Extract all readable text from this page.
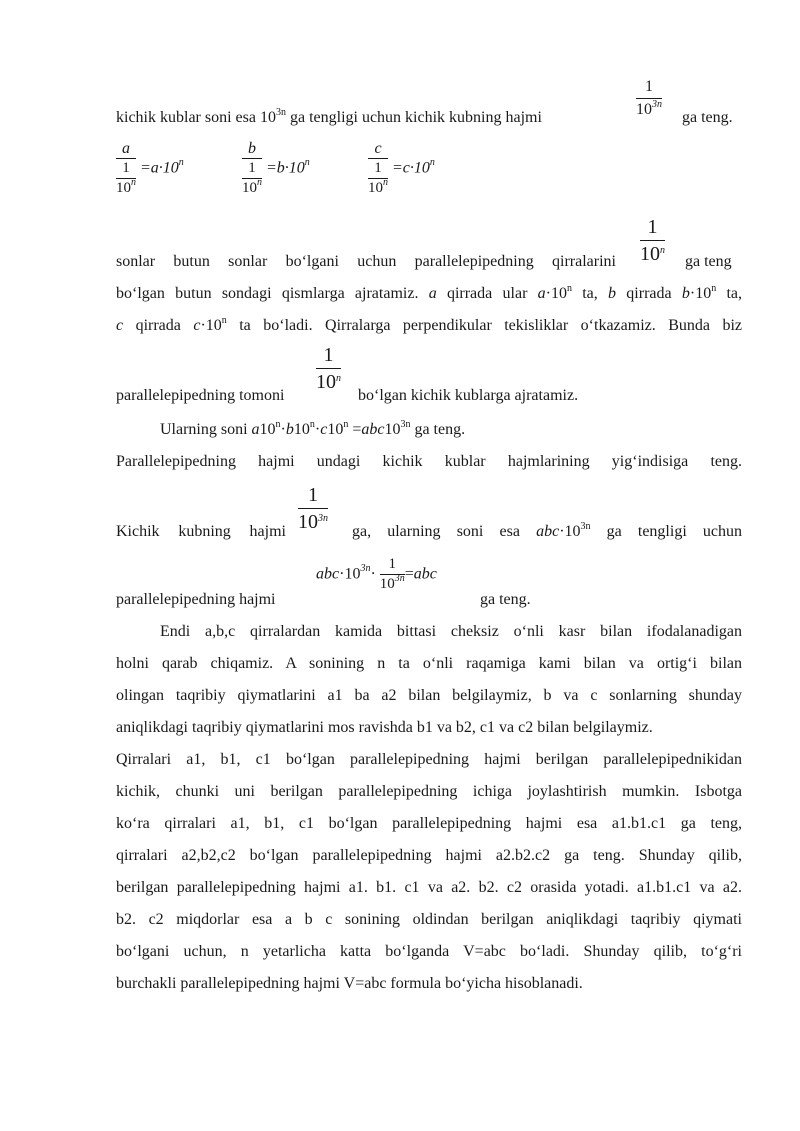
1
$10^{3n}$
kichik kublar soni esa $10^{3n}$ ga tengligi uchun kichik kubning hajmi	ga teng.
a
1
$10^n =a\cdot 10^n$	b
1
$10^n =b\cdot 10^n$	c
1
$10^n =c\cdot 10^n$
1
10$^n$
sonlar butun sonlar bo‘lgani uchun parallelepipedning qirralarini	ga teng
bo‘lgan butun sondagi qismlarga ajratamiz. a qirrada ular $a\cdot 10^n$ ta, b qirrada $b\cdot 10^n$ ta,
c qirrada $c\cdot 10^n$ ta bo‘ladi. Qirralarga perpendikular tekisliklar o‘tkazamiz. Bunda biz
1
10$^n$
parallelepipedning tomoni	bo‘lgan kichik kublarga ajratamiz.
Ularning soni $a10^n\cdot b10^n\cdot c10^n =abc10^{3n}$ ga teng.
Parallelepipedning hajmi undagi kichik kublar hajmlarining yig‘indisiga teng.
1
$10^{3n}$
Kichik kubning hajmi	ga, ularning soni esa $abc\cdot 10^{3n}$ ga tengligi uchun
$abc\cdot 10^{3n}\cdot \frac{1}{10^{3n}} =abc$
parallelepipedning hajmi	ga teng.
Endi a,b,c qirralardan kamida bittasi cheksiz o‘nli kasr bilan ifodalanadigan
holni qarab chiqamiz. A sonining n ta o‘nli raqamiga kami bilan va ortig‘i bilan
olingan taqribiy qiymatlarini a1 ba a2 bilan belgilaymiz, b va c sonlarning shunday
aniqlikdagi taqribiy qiymatlarini mos ravishda b1 va b2, c1 va c2 bilan belgilaymiz.
Qirralari a1, b1, c1 bo‘lgan parallelepipedning hajmi berilgan parallelepipednikidan
kichik, chunki uni berilgan parallelepipedning ichiga joylashtirish mumkin. Isbotga
ko‘ra qirralari a1, b1, c1 bo‘lgan parallelepipedning hajmi esa a1.b1.c1 ga teng,
qirralari a2,b2,c2 bo‘lgan parallelepipedning hajmi a2.b2.c2 ga teng. Shunday qilib,
berilgan parallelepipedning hajmi a1. b1. c1 va a2. b2. c2 orasida yotadi. a1.b1.c1 va a2.
b2. c2 miqdorlar esa a b c sonining oldindan berilgan aniqlikdagi taqribiy qiymati
bo‘lgani uchun, n yetarlicha katta bo‘lganda V=abc bo‘ladi. Shunday qilib, to‘g‘ri
burchakli parallelepipedning hajmi V=abc formula bo‘yicha hisoblanadi.
